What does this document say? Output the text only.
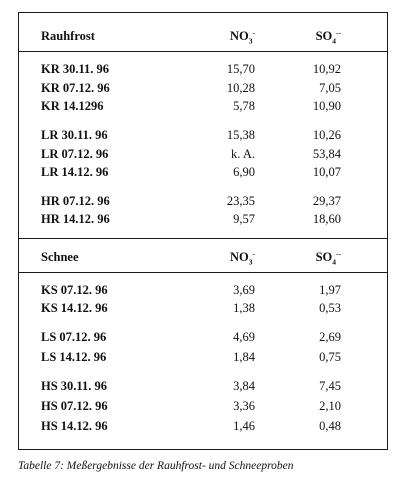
Rauhfrost	$NO_3^-$	$SO_4^{--}$
KR 30.11. 96	15,70	10,92
KR 07.12. 96	10,28	7,05
KR 14.1296	5,78	10,90
LR 30.11. 96	15,38	10,26
LR 07.12. 96	k. A.	53,84
LR 14.12. 96	6,90	10,07
HR 07.12. 96	23,35	29,37
HR 14.12. 96	9,57	18,60
Schnee	$NO_3^-$	$SO_4^{--}$
KS 07.12. 96	3,69	1,97
KS 14.12. 96	1,38	0,53
LS 07.12. 96	4,69	2,69
LS 14.12. 96	1,84	0,75
HS 30.11. 96	3,84	7,45
HS 07.12. 96	3,36	2,10
HS 14.12. 96	1,46	0,48
Tabelle 7: Meßergebnisse der Rauhfrost- und Schneeproben
